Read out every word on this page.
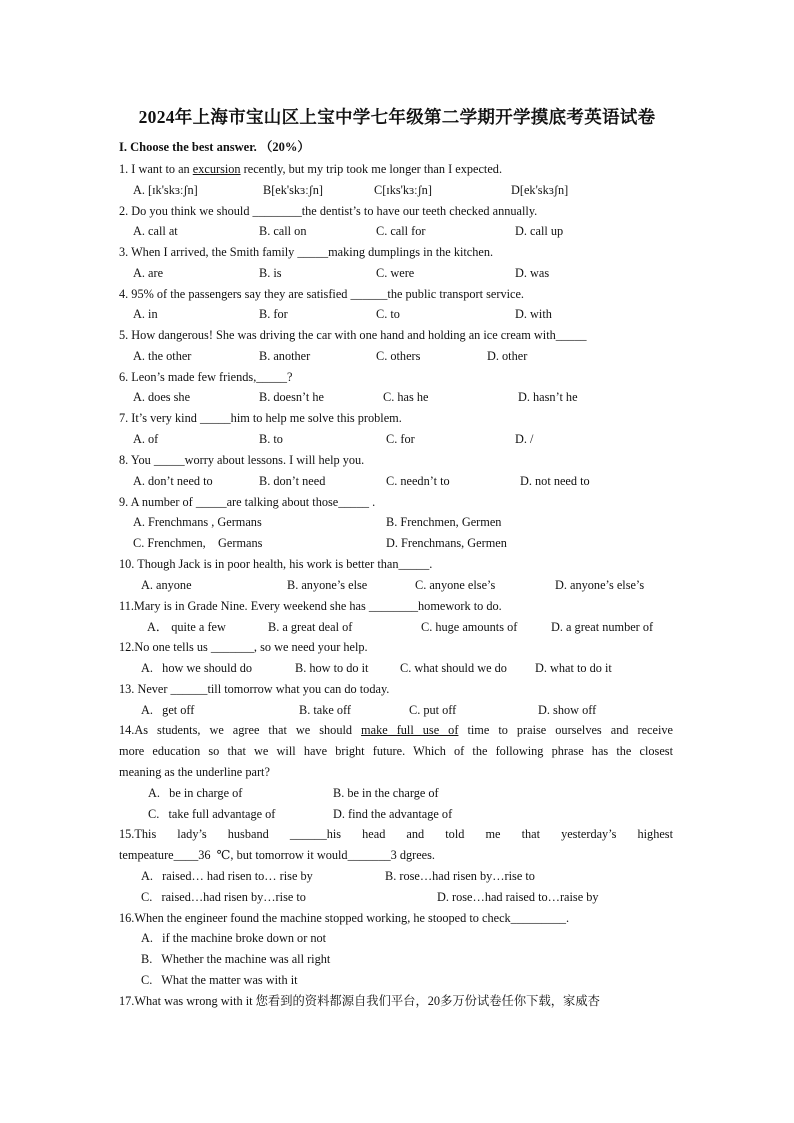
2024年上海市宝山区上宝中学七年级第二学期开学摸底考英语试卷
I. Choose the best answer. （20%）
1. I want to an excursion recently, but my trip took me longer than I expected.
A. [ɪk'skɜːʃn]	B[ek'skɜːʃn]	C[ɪks'kɜːʃn]	D[ek'skɜʃn]
2. Do you think we should ________the dentist’s to have our teeth checked annually.
A. call at	B. call on	C. call for	D. call up
3. When I arrived, the Smith family _____making dumplings in the kitchen.
A. are	B. is	C. were	D. was
4. 95% of the passengers say they are satisfied ______the public transport service.
A. in	B. for	C. to	D. with
5. How dangerous! She was driving the car with one hand and holding an ice cream with_____
A. the other	B. another	C. others	D. other
6. Leon’s made few friends,_____?
A. does she	B. doesn’t he	C. has he	D. hasn’t he
7. It’s very kind _____him to help me solve this problem.
A. of	B. to	C. for	D. /
8. You _____worry about lessons. I will help you.
A. don’t need to	B. don’t need	C. needn’t to	D. not need to
9. A number of _____are talking about those_____ .
A. Frenchmans , Germans	B. Frenchmen, Germen
C. Frenchmen,    Germans	D. Frenchmans, Germen
10. Though Jack is in poor health, his work is better than_____.
A. anyone	B. anyone’s else	C. anyone else’s	D. anyone’s else’s
11.Mary is in Grade Nine. Every weekend she has ________homework to do.
A． quite a few	B. a great deal of	C. huge amounts of	D. a great number of
12.No one tells us _______, so we need your help.
A.   how we should do	B. how to do it	C. what should we do D. what to do it
13. Never ______till tomorrow what you can do today.
A.   get off	B. take off	C. put off	D. show off
14.As students, we agree that we should make full use of time to praise ourselves and receive
more education so that we will have bright future. Which of the following phrase has the closest
meaning as the underline part?
A.   be in charge of	B. be in the charge of
C.   take full advantage of	D. find the advantage of
15.This  lady’s  husband  ______his  head  and  told  me  that  yesterday’s  highest
tempeature____36  ℃, but tomorrow it would_______3 dgrees.
A.   raised… had risen to… rise by	B. rose…had risen by…rise to
C.   raised…had risen by…rise to	D. rose…had raised to…raise by
16.When the engineer found the machine stopped working, he stooped to check_________.
A.   if the machine broke down or not
B.   Whether the machine was all right
C.   What the matter was with it
17.What was wrong with it 您看到的资料都源自我们平台，20多万份试卷任你下载，家威杏
